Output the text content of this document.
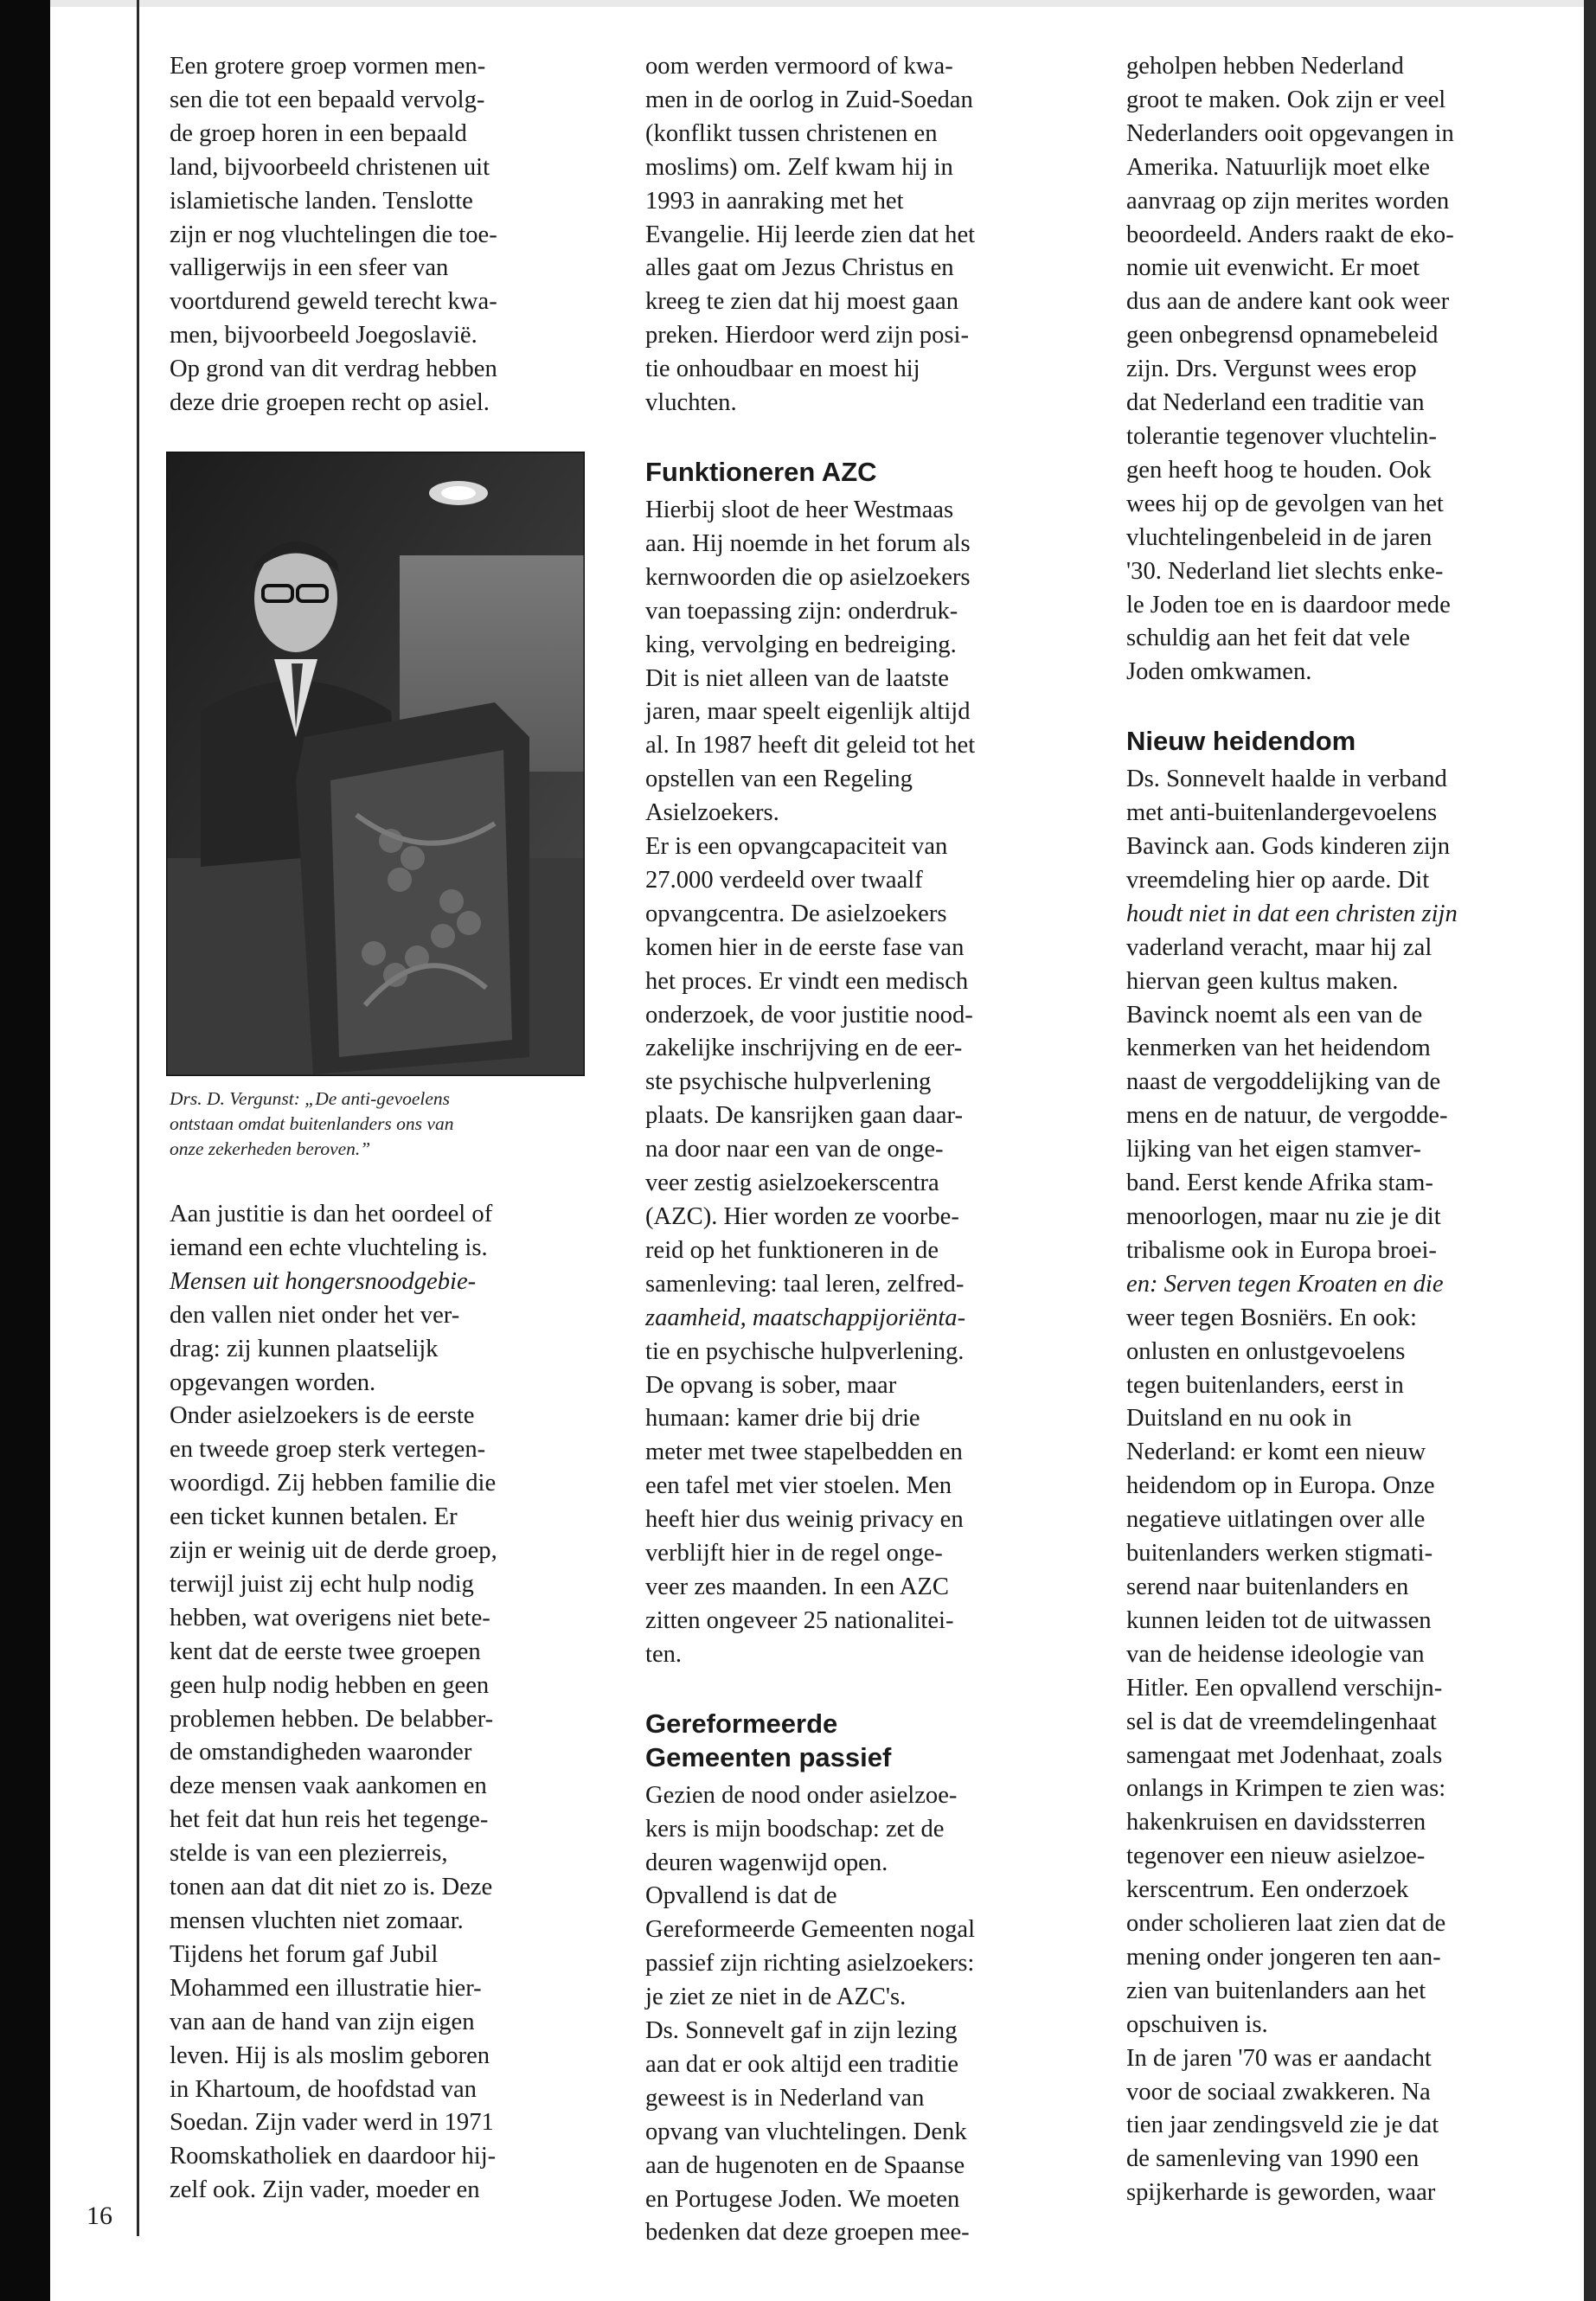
16

Een grotere groep vormen men-
sen die tot een bepaald vervolg-
de groep horen in een bepaald
land, bijvoorbeeld christenen uit
islamietische landen. Tenslotte
zijn er nog vluchtelingen die toe-
valligerwijs in een sfeer van
voortdurend geweld terecht kwa-
men, bijvoorbeeld Joegoslavië.
Op grond van dit verdrag hebben
deze drie groepen recht op asiel.

Drs. D. Vergunst: „De anti-gevoelens
ontstaan omdat buitenlanders ons van
onze zekerheden beroven.”

Aan justitie is dan het oordeel of
iemand een echte vluchteling is.
Mensen uit hongersnoodgebie-
den vallen niet onder het ver-
drag: zij kunnen plaatselijk
opgevangen worden.

Onder asielzoekers is de eerste
en tweede groep sterk vertegen-
woordigd. Zij hebben familie die
een ticket kunnen betalen. Er
zijn er weinig uit de derde groep,
terwijl juist zij echt hulp nodig
hebben, wat overigens niet bete-
kent dat de eerste twee groepen
geen hulp nodig hebben en geen
problemen hebben. De belabber-
de omstandigheden waaronder
deze mensen vaak aankomen en
het feit dat hun reis het tegenge-
stelde is van een plezierreis,
tonen aan dat dit niet zo is. Deze
mensen vluchten niet zomaar.
Tijdens het forum gaf Jubil
Mohammed een illustratie hier-
van aan de hand van zijn eigen
leven. Hij is als moslim geboren
in Khartoum, de hoofdstad van
Soedan. Zijn vader werd in 1971
Roomskatholiek en daardoor hij-
zelf ook. Zijn vader, moeder en

oom werden vermoord of kwa-
men in de oorlog in Zuid-Soedan
(konflikt tussen christenen en
moslims) om. Zelf kwam hij in
1993 in aanraking met het
Evangelie. Hij leerde zien dat het
alles gaat om Jezus Christus en
kreeg te zien dat hij moest gaan
preken. Hierdoor werd zijn posi-
tie onhoudbaar en moest hij
vluchten.

Funktioneren AZC

Hierbij sloot de heer Westmaas
aan. Hij noemde in het forum als
kernwoorden die op asielzoekers
van toepassing zijn: onderdruk-
king, vervolging en bedreiging.
Dit is niet alleen van de laatste
jaren, maar speelt eigenlijk altijd
al. In 1987 heeft dit geleid tot het
opstellen van een Regeling
Asielzoekers.

Er is een opvangcapaciteit van
27.000 verdeeld over twaalf
opvangcentra. De asielzoekers
komen hier in de eerste fase van
het proces. Er vindt een medisch
onderzoek, de voor justitie nood-
zakelijke inschrijving en de eer-
ste psychische hulpverlening
plaats. De kansrijken gaan daar-
na door naar een van de onge-
veer zestig asielzoekerscentra
(AZC). Hier worden ze voorbe-
reid op het funktioneren in de
samenleving: taal leren, zelfred-
zaamheid, maatschappijoriënta-
tie en psychische hulpverlening.

De opvang is sober, maar
humaan: kamer drie bij drie
meter met twee stapelbedden en
een tafel met vier stoelen. Men
heeft hier dus weinig privacy en
verblijft hier in de regel onge-
veer zes maanden. In een AZC
zitten ongeveer 25 nationalitei-
ten.

Gereformeerde
Gemeenten passief

Gezien de nood onder asielzoe-
kers is mijn boodschap: zet de
deuren wagenwijd open.

Opvallend is dat de
Gereformeerde Gemeenten nogal
passief zijn richting asielzoekers:
je ziet ze niet in de AZC's.

Ds. Sonnevelt gaf in zijn lezing
aan dat er ook altijd een traditie
geweest is in Nederland van
opvang van vluchtelingen. Denk
aan de hugenoten en de Spaanse
en Portugese Joden. We moeten
bedenken dat deze groepen mee-

geholpen hebben Nederland
groot te maken. Ook zijn er veel
Nederlanders ooit opgevangen in
Amerika. Natuurlijk moet elke
aanvraag op zijn merites worden
beoordeeld. Anders raakt de eko-
nomie uit evenwicht. Er moet
dus aan de andere kant ook weer
geen onbegrensd opnamebeleid
zijn. Drs. Vergunst wees erop
dat Nederland een traditie van
tolerantie tegenover vluchtelin-
gen heeft hoog te houden. Ook
wees hij op de gevolgen van het
vluchtelingenbeleid in de jaren
'30. Nederland liet slechts enke-
le Joden toe en is daardoor mede
schuldig aan het feit dat vele
Joden omkwamen.

Nieuw heidendom

Ds. Sonnevelt haalde in verband
met anti-buitenlandergevoelens
Bavinck aan. Gods kinderen zijn
vreemdeling hier op aarde. Dit
houdt niet in dat een christen zijn
vaderland veracht, maar hij zal
hiervan geen kultus maken.
Bavinck noemt als een van de
kenmerken van het heidendom
naast de vergoddelijking van de
mens en de natuur, de vergodde-
lijking van het eigen stamver-
band. Eerst kende Afrika stam-
menoorlogen, maar nu zie je dit
tribalisme ook in Europa broei-
en: Serven tegen Kroaten en die
weer tegen Bosniërs. En ook:
onlusten en onlustgevoelens
tegen buitenlanders, eerst in
Duitsland en nu ook in
Nederland: er komt een nieuw
heidendom op in Europa. Onze
negatieve uitlatingen over alle
buitenlanders werken stigmati-
serend naar buitenlanders en
kunnen leiden tot de uitwassen
van de heidense ideologie van
Hitler. Een opvallend verschijn-
sel is dat de vreemdelingenhaat
samengaat met Jodenhaat, zoals
onlangs in Krimpen te zien was:
hakenkruisen en davidssterren
tegenover een nieuw asielzoe-
kerscentrum. Een onderzoek
onder scholieren laat zien dat de
mening onder jongeren ten aan-
zien van buitenlanders aan het
opschuiven is.

In de jaren '70 was er aandacht
voor de sociaal zwakkeren. Na
tien jaar zendingsveld zie je dat
de samenleving van 1990 een
spijkerharde is geworden, waar
